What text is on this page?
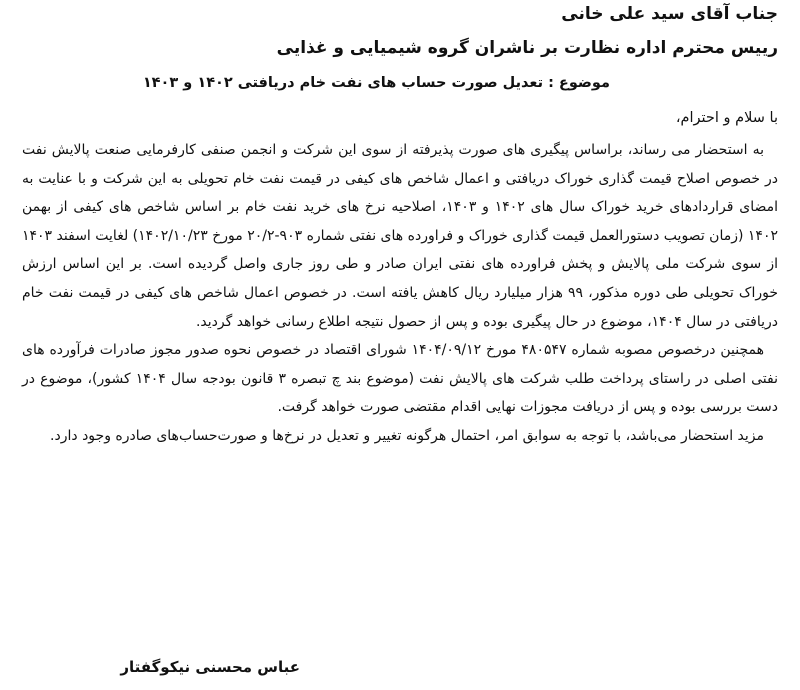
جناب آقای سید علی خانی
رییس محترم اداره نظارت بر ناشران گروه شیمیایی و غذایی
موضوع : تعدیل صورت حساب های نفت خام دریافتی ۱۴۰۲ و ۱۴۰۳
با سلام و احترام،

به استحضار می رساند، براساس پیگیری های صورت پذیرفته از سوی این شرکت و انجمن صنفی کارفرمایی صنعت پالایش نفت در خصوص اصلاح قیمت گذاری خوراک دریافتی و اعمال شاخص های کیفی در قیمت نفت خام تحویلی به این شرکت و با عنایت به امضای قراردادهای خرید خوراک سال های ۱۴۰۲ و ۱۴۰۳، اصلاحیه نرخ های خرید نفت خام بر اساس شاخص های کیفی از بهمن ۱۴۰۲ (زمان تصویب دستورالعمل قیمت گذاری خوراک و فراورده های نفتی شماره ۹۰۳-۲۰/۲ مورخ ۱۴۰۲/۱۰/۲۳) لغایت اسفند ۱۴۰۳ از سوی شرکت ملی پالایش و پخش فراورده های نفتی ایران صادر و طی روز جاری واصل گردیده است. بر این اساس ارزش خوراک تحویلی طی دوره مذکور، ۹۹ هزار میلیارد ریال کاهش یافته است. در خصوص اعمال شاخص های کیفی در قیمت نفت خام دریافتی در سال ۱۴۰۴، موضوع در حال پیگیری بوده و پس از حصول نتیجه اطلاع رسانی خواهد گردید.

همچنین درخصوص مصوبه شماره ۴۸۰۵۴۷ مورخ ۱۴۰۴/۰۹/۱۲ شورای اقتصاد در خصوص نحوه صدور مجوز صادرات فرآورده های نفتی اصلی در راستای پرداخت طلب شرکت های پالایش نفت (موضوع بند چ تبصره ۳ قانون بودجه سال ۱۴۰۴ کشور)، موضوع در دست بررسی بوده و پس از دریافت مجوزات نهایی اقدام مقتضی صورت خواهد گرفت.

مزید استحضار می‌باشد، با توجه به سوابق امر، احتمال هرگونه تغییر و تعدیل در نرخ‌ها و صورت‌حساب‌های صادره وجود دارد.

عباس محسنی نیکوگفتار
